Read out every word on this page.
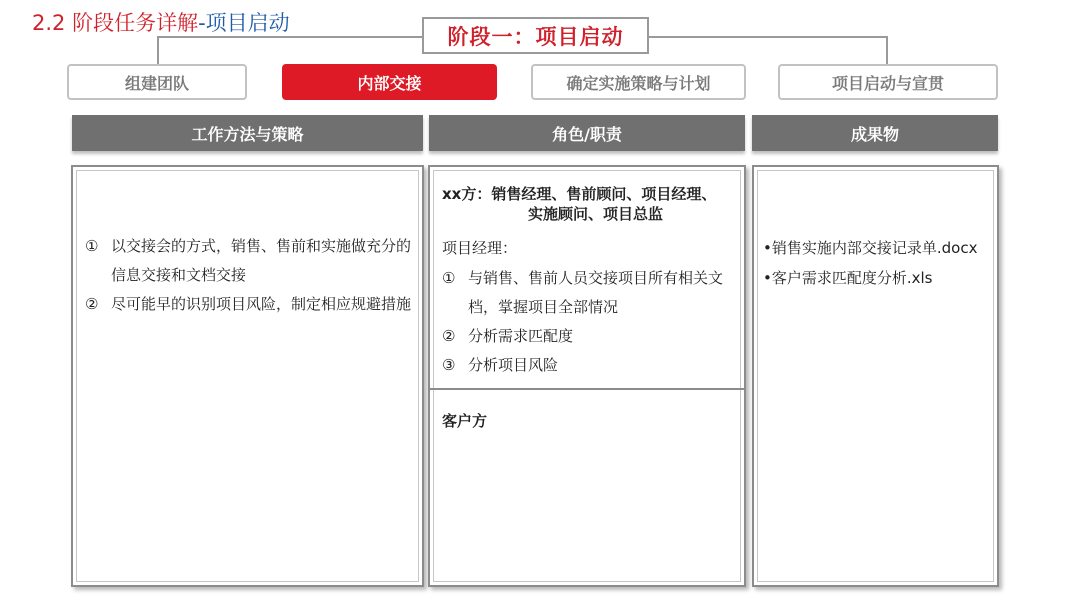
2.2 阶段任务详解-项目启动
阶段一：项目启动
组建团队	内部交接	确定实施策略与计划	项目启动与宣贯
工作方法与策略	角色/职责	成果物
① 以交接会的方式，销售、售前和实施做充分的信息交接和文档交接
② 尽可能早的识别项目风险，制定相应规避措施
xx方：销售经理、售前顾问、项目经理、
实施顾问、项目总监
项目经理：
① 与销售、售前人员交接项目所有相关文档，掌握项目全部情况
② 分析需求匹配度
③ 分析项目风险
客户方
•销售实施内部交接记录单.docx
•客户需求匹配度分析.xls
